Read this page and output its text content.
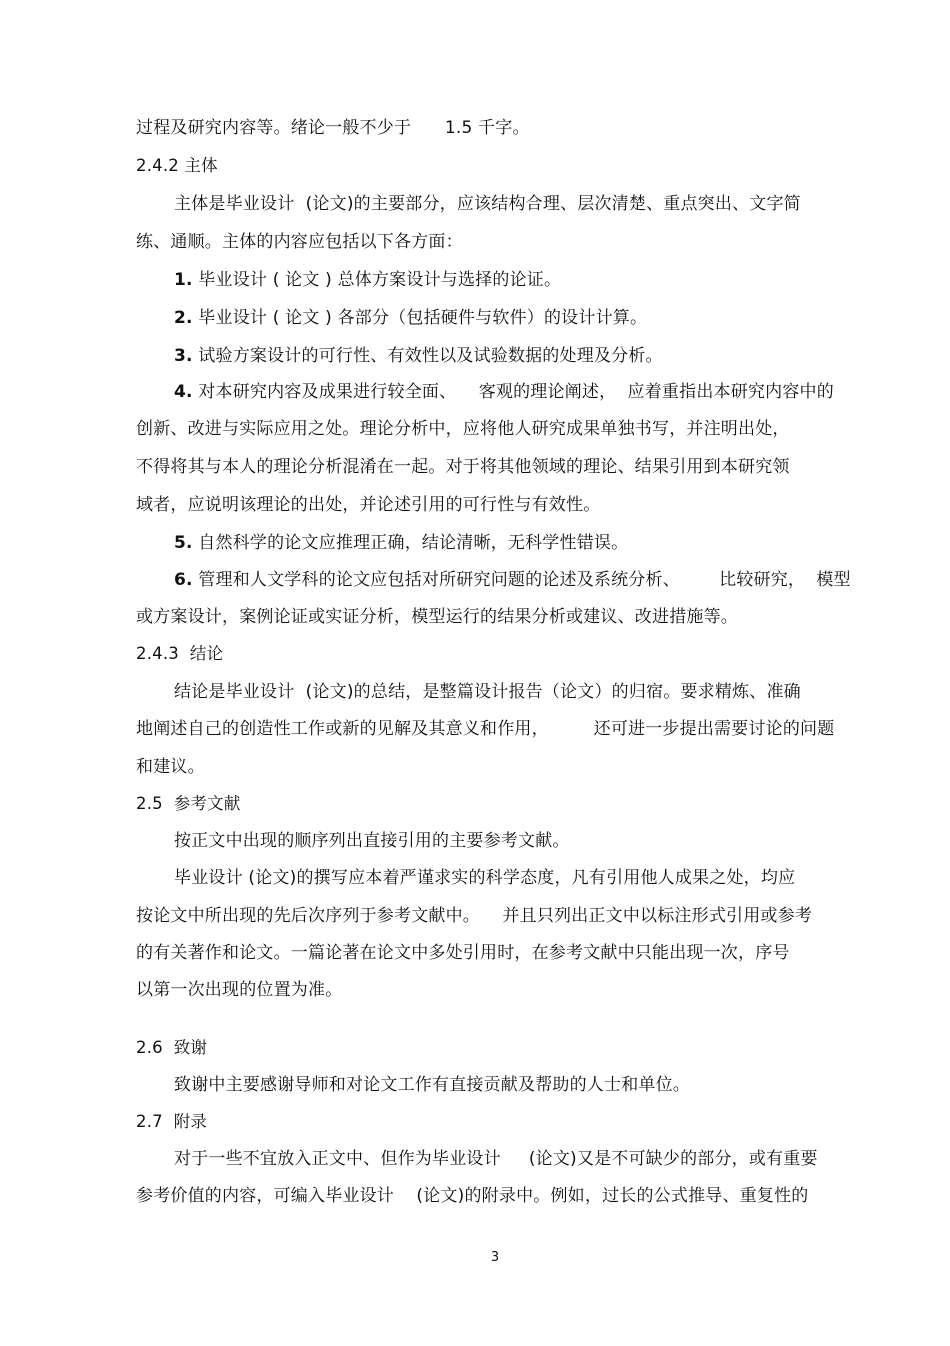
过程及研究内容等。绪论一般不少于      1.5 千字。
2.4.2 主体
主体是毕业设计  (论文)的主要部分，应该结构合理、层次清楚、重点突出、文字简
练、通顺。主体的内容应包括以下各方面：
1. 毕业设计 ( 论文 ) 总体方案设计与选择的论证。
2. 毕业设计 ( 论文 ) 各部分（包括硬件与软件）的设计计算。
3. 试验方案设计的可行性、有效性以及试验数据的处理及分析。
4. 对本研究内容及成果进行较全面、    客观的理论阐述，  应着重指出本研究内容中的
创新、改进与实际应用之处。理论分析中，应将他人研究成果单独书写，并注明出处，
不得将其与本人的理论分析混淆在一起。对于将其他领域的理论、结果引用到本研究领
域者，应说明该理论的出处，并论述引用的可行性与有效性。
5. 自然科学的论文应推理正确，结论清晰，无科学性错误。
6. 管理和人文学科的论文应包括对所研究问题的论述及系统分析、       比较研究，  模型
或方案设计，案例论证或实证分析，模型运行的结果分析或建议、改进措施等。
2.4.3  结论
结论是毕业设计  (论文)的总结，是整篇设计报告（论文）的归宿。要求精炼、准确
地阐述自己的创造性工作或新的见解及其意义和作用，        还可进一步提出需要讨论的问题
和建议。
2.5  参考文献
按正文中出现的顺序列出直接引用的主要参考文献。
毕业设计 (论文)的撰写应本着严谨求实的科学态度，凡有引用他人成果之处，均应
按论文中所出现的先后次序列于参考文献中。    并且只列出正文中以标注形式引用或参考
的有关著作和论文。一篇论著在论文中多处引用时，在参考文献中只能出现一次，序号
以第一次出现的位置为准。
2.6  致谢
致谢中主要感谢导师和对论文工作有直接贡献及帮助的人士和单位。
2.7  附录
对于一些不宜放入正文中、但作为毕业设计     (论文)又是不可缺少的部分，或有重要
参考价值的内容，可编入毕业设计    (论文)的附录中。例如，过长的公式推导、重复性的
3
